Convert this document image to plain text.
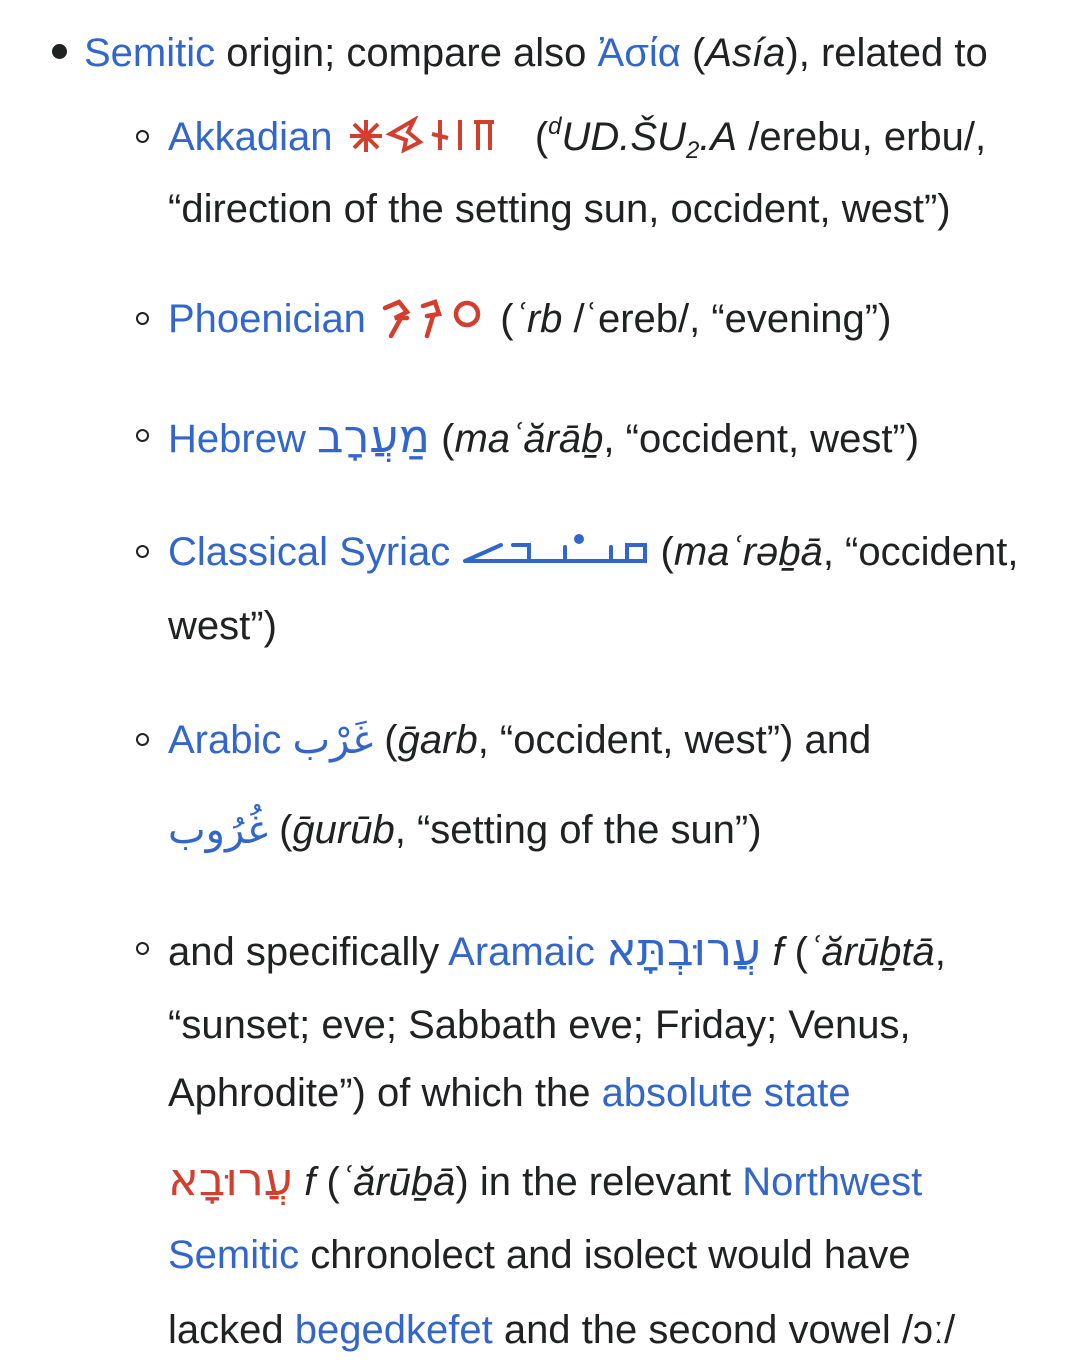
Semitic origin; compare also Ἀσία (Asía), related to
Akkadian	($^dUD.ŠU_2.A$ /erebu, erbu/,
“direction of the setting sun, occident, west”)
Phoenician	(ʿrb /ʿereb/, “evening”)
Hebrew מַעֲרָב (maʿărāḇ, “occident, west”)
Classical Syriac	(maʿrəḇā, “occident,
west”)
Arabic غَرْب (ḡarb, “occident, west”) and
غُرُوب (ḡurūb, “setting of the sun”)
and specifically Aramaic עֲרוּבְתָּא f (ʿărūḇtā,
“sunset; eve; Sabbath eve; Friday; Venus,
Aphrodite”) of which the absolute state
עֲרוּבָא f (ʿărūḇā) in the relevant Northwest
Semitic chronolect and isolect would have
lacked begedkefet and the second vowel /ɔː/
